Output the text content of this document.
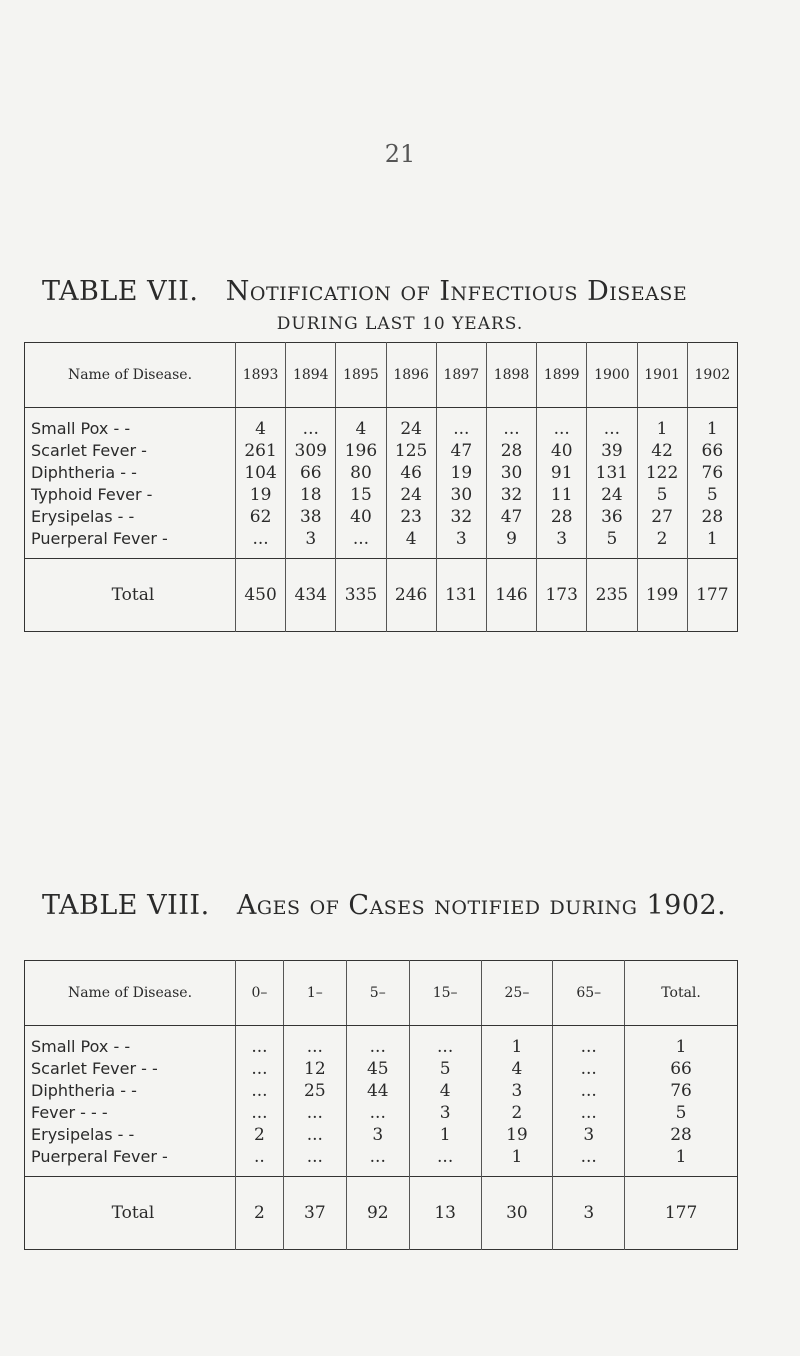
21
TABLE VII. Notification of Infectious Disease
DURING LAST 10 YEARS.
Name of Disease.	1893	1894	1895	1896	1897	1898	1899	1900	1901	1902
Small Pox - -	4	...	4	24	...	...	...	...	1	1
Scarlet Fever -	261	309	196	125	47	28	40	39	42	66
Diphtheria - -	104	66	80	46	19	30	91	131	122	76
Typhoid Fever -	19	18	15	24	30	32	11	24	5	5
Erysipelas - -	62	38	40	23	32	47	28	36	27	28
Puerperal Fever -	...	3	...	4	3	9	3	5	2	1
Total	450	434	335	246	131	146	173	235	199	177
TABLE VIII. Ages of Cases notified during 1902.
Name of Disease.	0–	1–	5–	15–	25–	65–	Total.
Small Pox - -	...	...	...	...	1	...	1
Scarlet Fever - -	...	12	45	5	4	...	66
Diphtheria - -	...	25	44	4	3	...	76
Fever - - -	...	...	...	3	2	...	5
Erysipelas - -	2	...	3	1	19	3	28
Puerperal Fever -	..	...	...	...	1	...	1
Total	2	37	92	13	30	3	177
